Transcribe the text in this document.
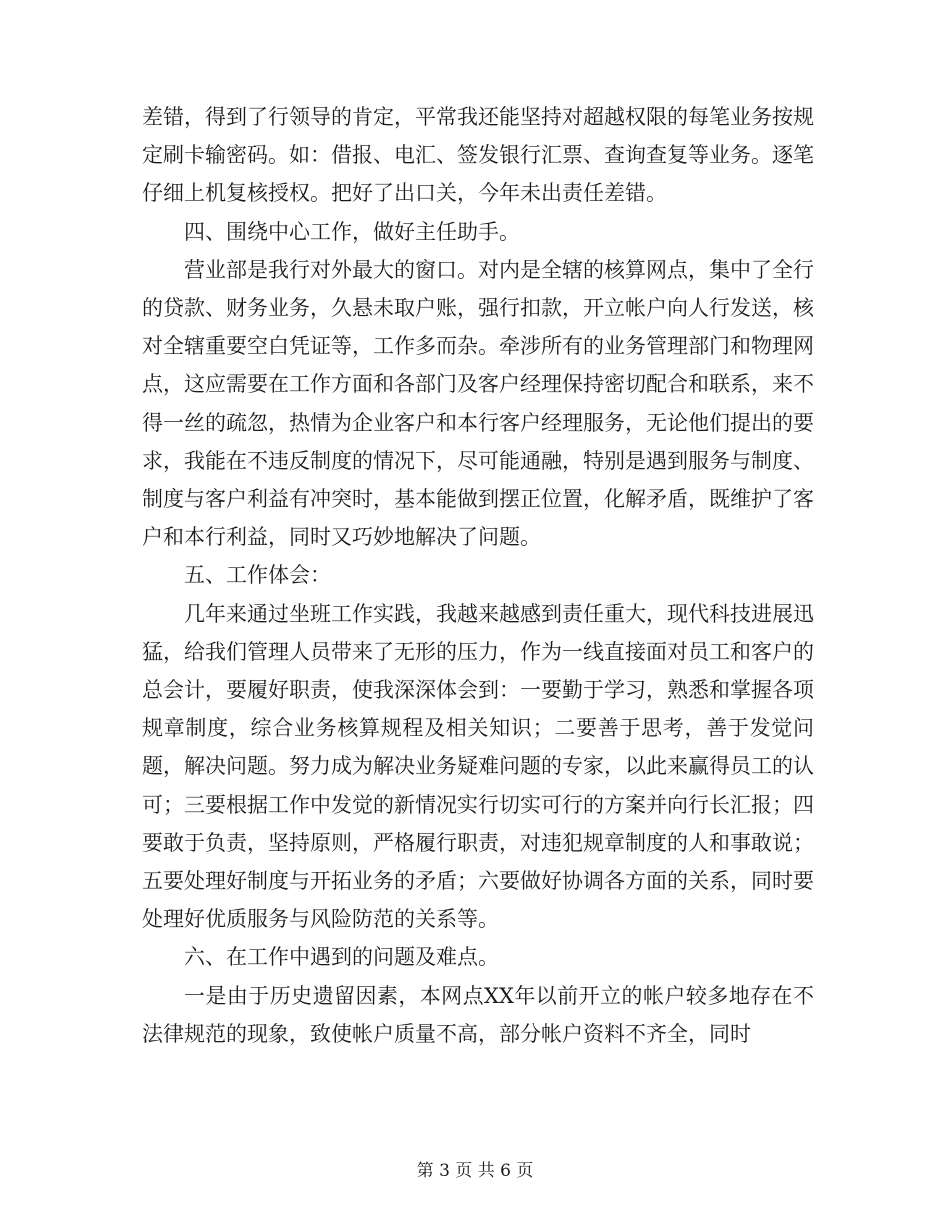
差错，得到了行领导的肯定，平常我还能坚持对超越权限的每笔业务按规定刷卡输密码。如：借报、电汇、签发银行汇票、查询查复等业务。逐笔仔细上机复核授权。把好了出口关，今年未出责任差错。

四、围绕中心工作，做好主任助手。

营业部是我行对外最大的窗口。对内是全辖的核算网点，集中了全行的贷款、财务业务，久悬未取户账，强行扣款，开立帐户向人行发送，核对全辖重要空白凭证等，工作多而杂。牵涉所有的业务管理部门和物理网点，这应需要在工作方面和各部门及客户经理保持密切配合和联系，来不得一丝的疏忽，热情为企业客户和本行客户经理服务，无论他们提出的要求，我能在不违反制度的情况下，尽可能通融，特别是遇到服务与制度、制度与客户利益有冲突时，基本能做到摆正位置，化解矛盾，既维护了客户和本行利益，同时又巧妙地解决了问题。

五、工作体会：

几年来通过坐班工作实践，我越来越感到责任重大，现代科技进展迅猛，给我们管理人员带来了无形的压力，作为一线直接面对员工和客户的总会计，要履好职责，使我深深体会到：一要勤于学习，熟悉和掌握各项规章制度，综合业务核算规程及相关知识；二要善于思考，善于发觉问题，解决问题。努力成为解决业务疑难问题的专家，以此来赢得员工的认可；三要根据工作中发觉的新情况实行切实可行的方案并向行长汇报；四要敢于负责，坚持原则，严格履行职责，对违犯规章制度的人和事敢说；五要处理好制度与开拓业务的矛盾；六要做好协调各方面的关系，同时要处理好优质服务与风险防范的关系等。

六、在工作中遇到的问题及难点。

一是由于历史遗留因素，本网点XX年以前开立的帐户较多地存在不法律规范的现象，致使帐户质量不高，部分帐户资料不齐全，同时

第 3 页 共 6 页
